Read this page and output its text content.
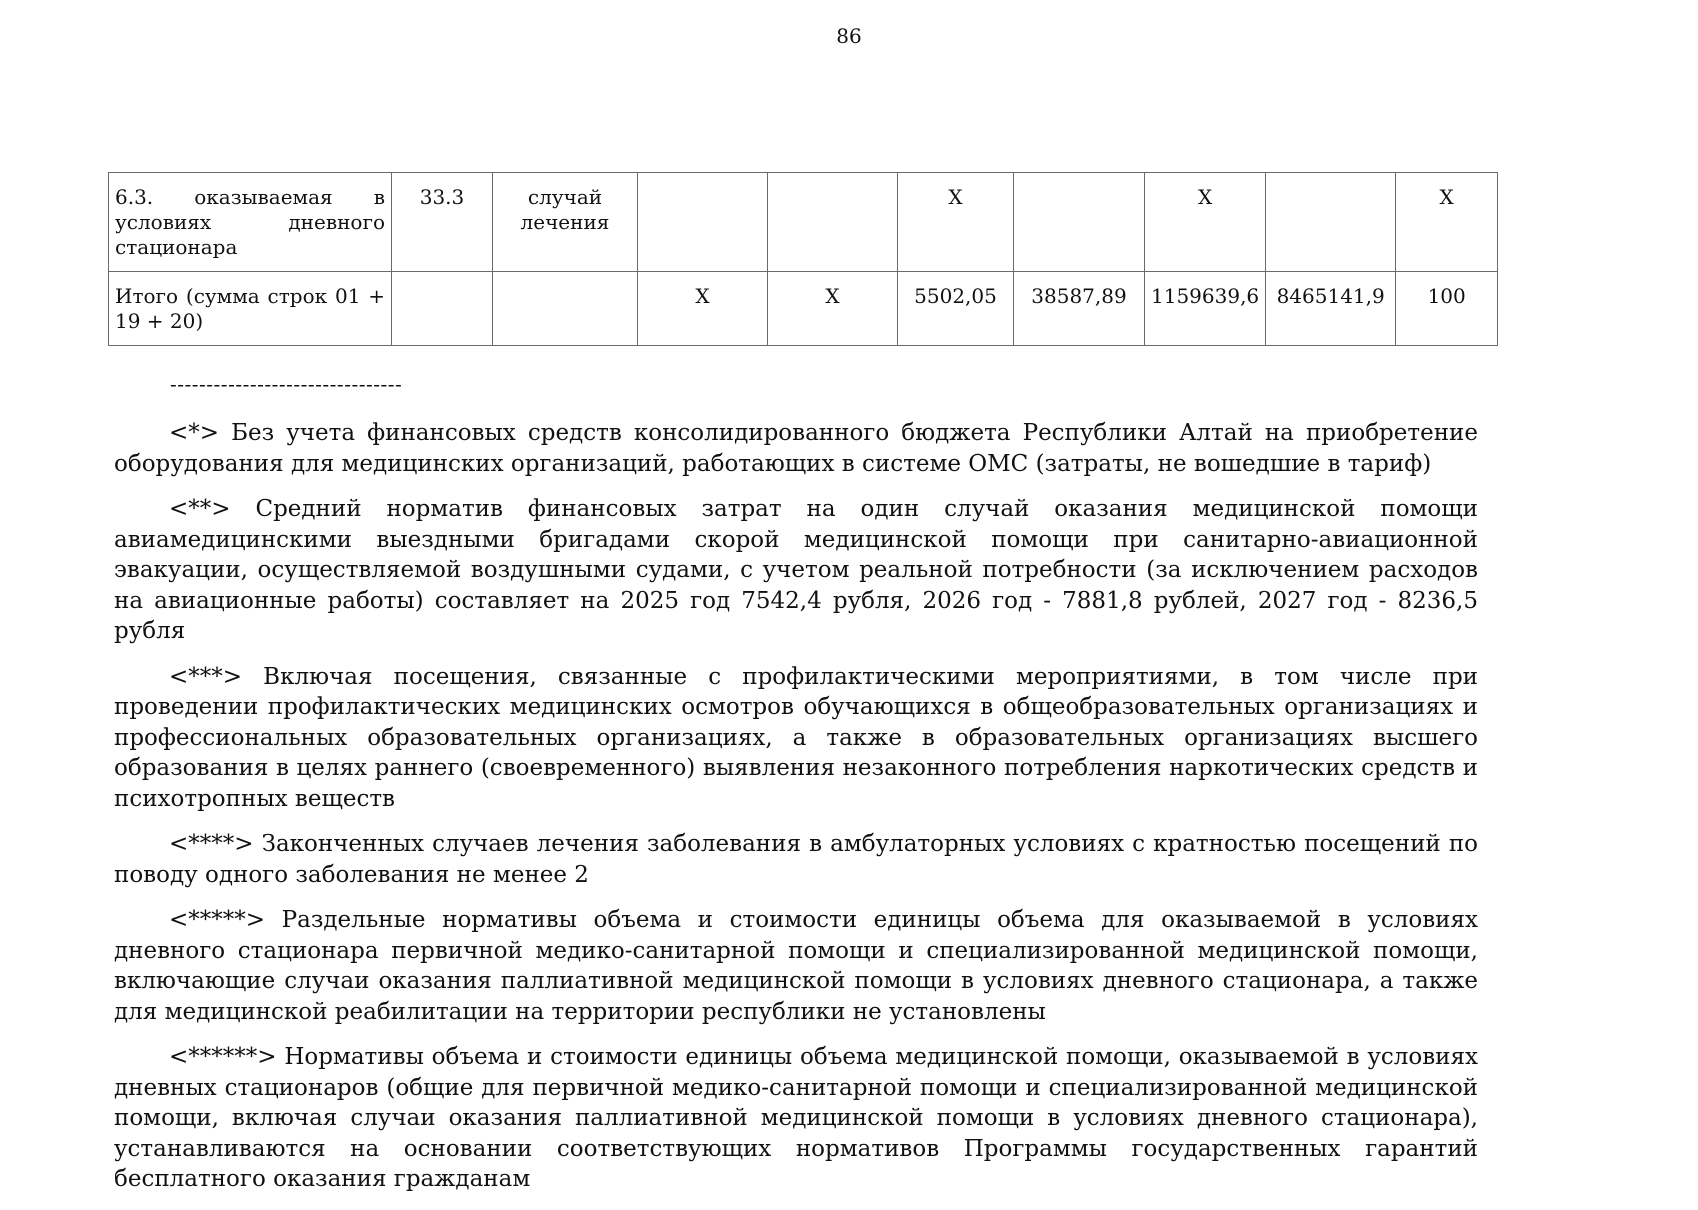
86
6.3. оказываемая в условиях дневного стационара	33.3	случай лечения			X		X		X
Итого (сумма строк 01 + 19 + 20)			X	X	5502,05	38587,89	1159639,6	8465141,9	100
--------------------------------

<*> Без учета финансовых средств консолидированного бюджета Республики Алтай на приобретение оборудования для медицинских организаций, работающих в системе ОМС (затраты, не вошедшие в тариф)

<**> Средний норматив финансовых затрат на один случай оказания медицинской помощи авиамедицинскими выездными бригадами скорой медицинской помощи при санитарно-авиационной эвакуации, осуществляемой воздушными судами, с учетом реальной потребности (за исключением расходов на авиационные работы) составляет на 2025 год 7542,4 рубля, 2026 год - 7881,8 рублей, 2027 год - 8236,5 рубля

<***> Включая посещения, связанные с профилактическими мероприятиями, в том числе при проведении профилактических медицинских осмотров обучающихся в общеобразовательных организациях и профессиональных образовательных организациях, а также в образовательных организациях высшего образования в целях раннего (своевременного) выявления незаконного потребления наркотических средств и психотропных веществ

<****> Законченных случаев лечения заболевания в амбулаторных условиях с кратностью посещений по поводу одного заболевания не менее 2

<*****> Раздельные нормативы объема и стоимости единицы объема для оказываемой в условиях дневного стационара первичной медико-санитарной помощи и специализированной медицинской помощи, включающие случаи оказания паллиативной медицинской помощи в условиях дневного стационара, а также для медицинской реабилитации на территории республики не установлены

<******> Нормативы объема и стоимости единицы объема медицинской помощи, оказываемой в условиях дневных стационаров (общие для первичной медико-санитарной помощи и специализированной медицинской помощи, включая случаи оказания паллиативной медицинской помощи в условиях дневного стационара), устанавливаются на основании соответствующих нормативов Программы государственных гарантий бесплатного оказания гражданам
